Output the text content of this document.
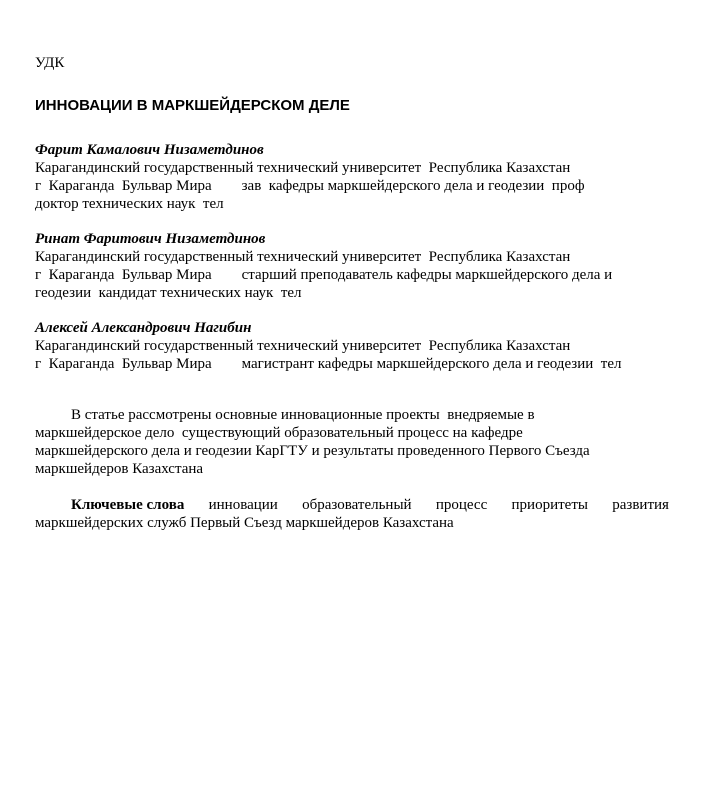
УДК
ИННОВАЦИИ В МАРКШЕЙДЕРСКОМ ДЕЛЕ
Фарит Камалович Низаметдинов
Карагандинский государственный технический университет  Республика Казахстан
г  Караганда  Бульвар Мира        зав  кафедры маркшейдерского дела и геодезии  проф
доктор технических наук  тел
Ринат Фаритович Низаметдинов
Карагандинский государственный технический университет  Республика Казахстан
г  Караганда  Бульвар Мира        старший преподаватель кафедры маркшейдерского дела и
геодезии  кандидат технических наук  тел
Алексей Александрович Нагибин
Карагандинский государственный технический университет  Республика Казахстан
г  Караганда  Бульвар Мира        магистрант кафедры маркшейдерского дела и геодезии  тел
В статье рассмотрены основные инновационные проекты  внедряемые в
маркшейдерское дело  существующий образовательный процесс на кафедре
маркшейдерского дела и геодезии КарГТУ и результаты проведенного Первого Съезда
маркшейдеров Казахстана
Ключевые слова инновации образовательный процесс приоритеты развития
маркшейдерских служб Первый Съезд маркшейдеров Казахстана
